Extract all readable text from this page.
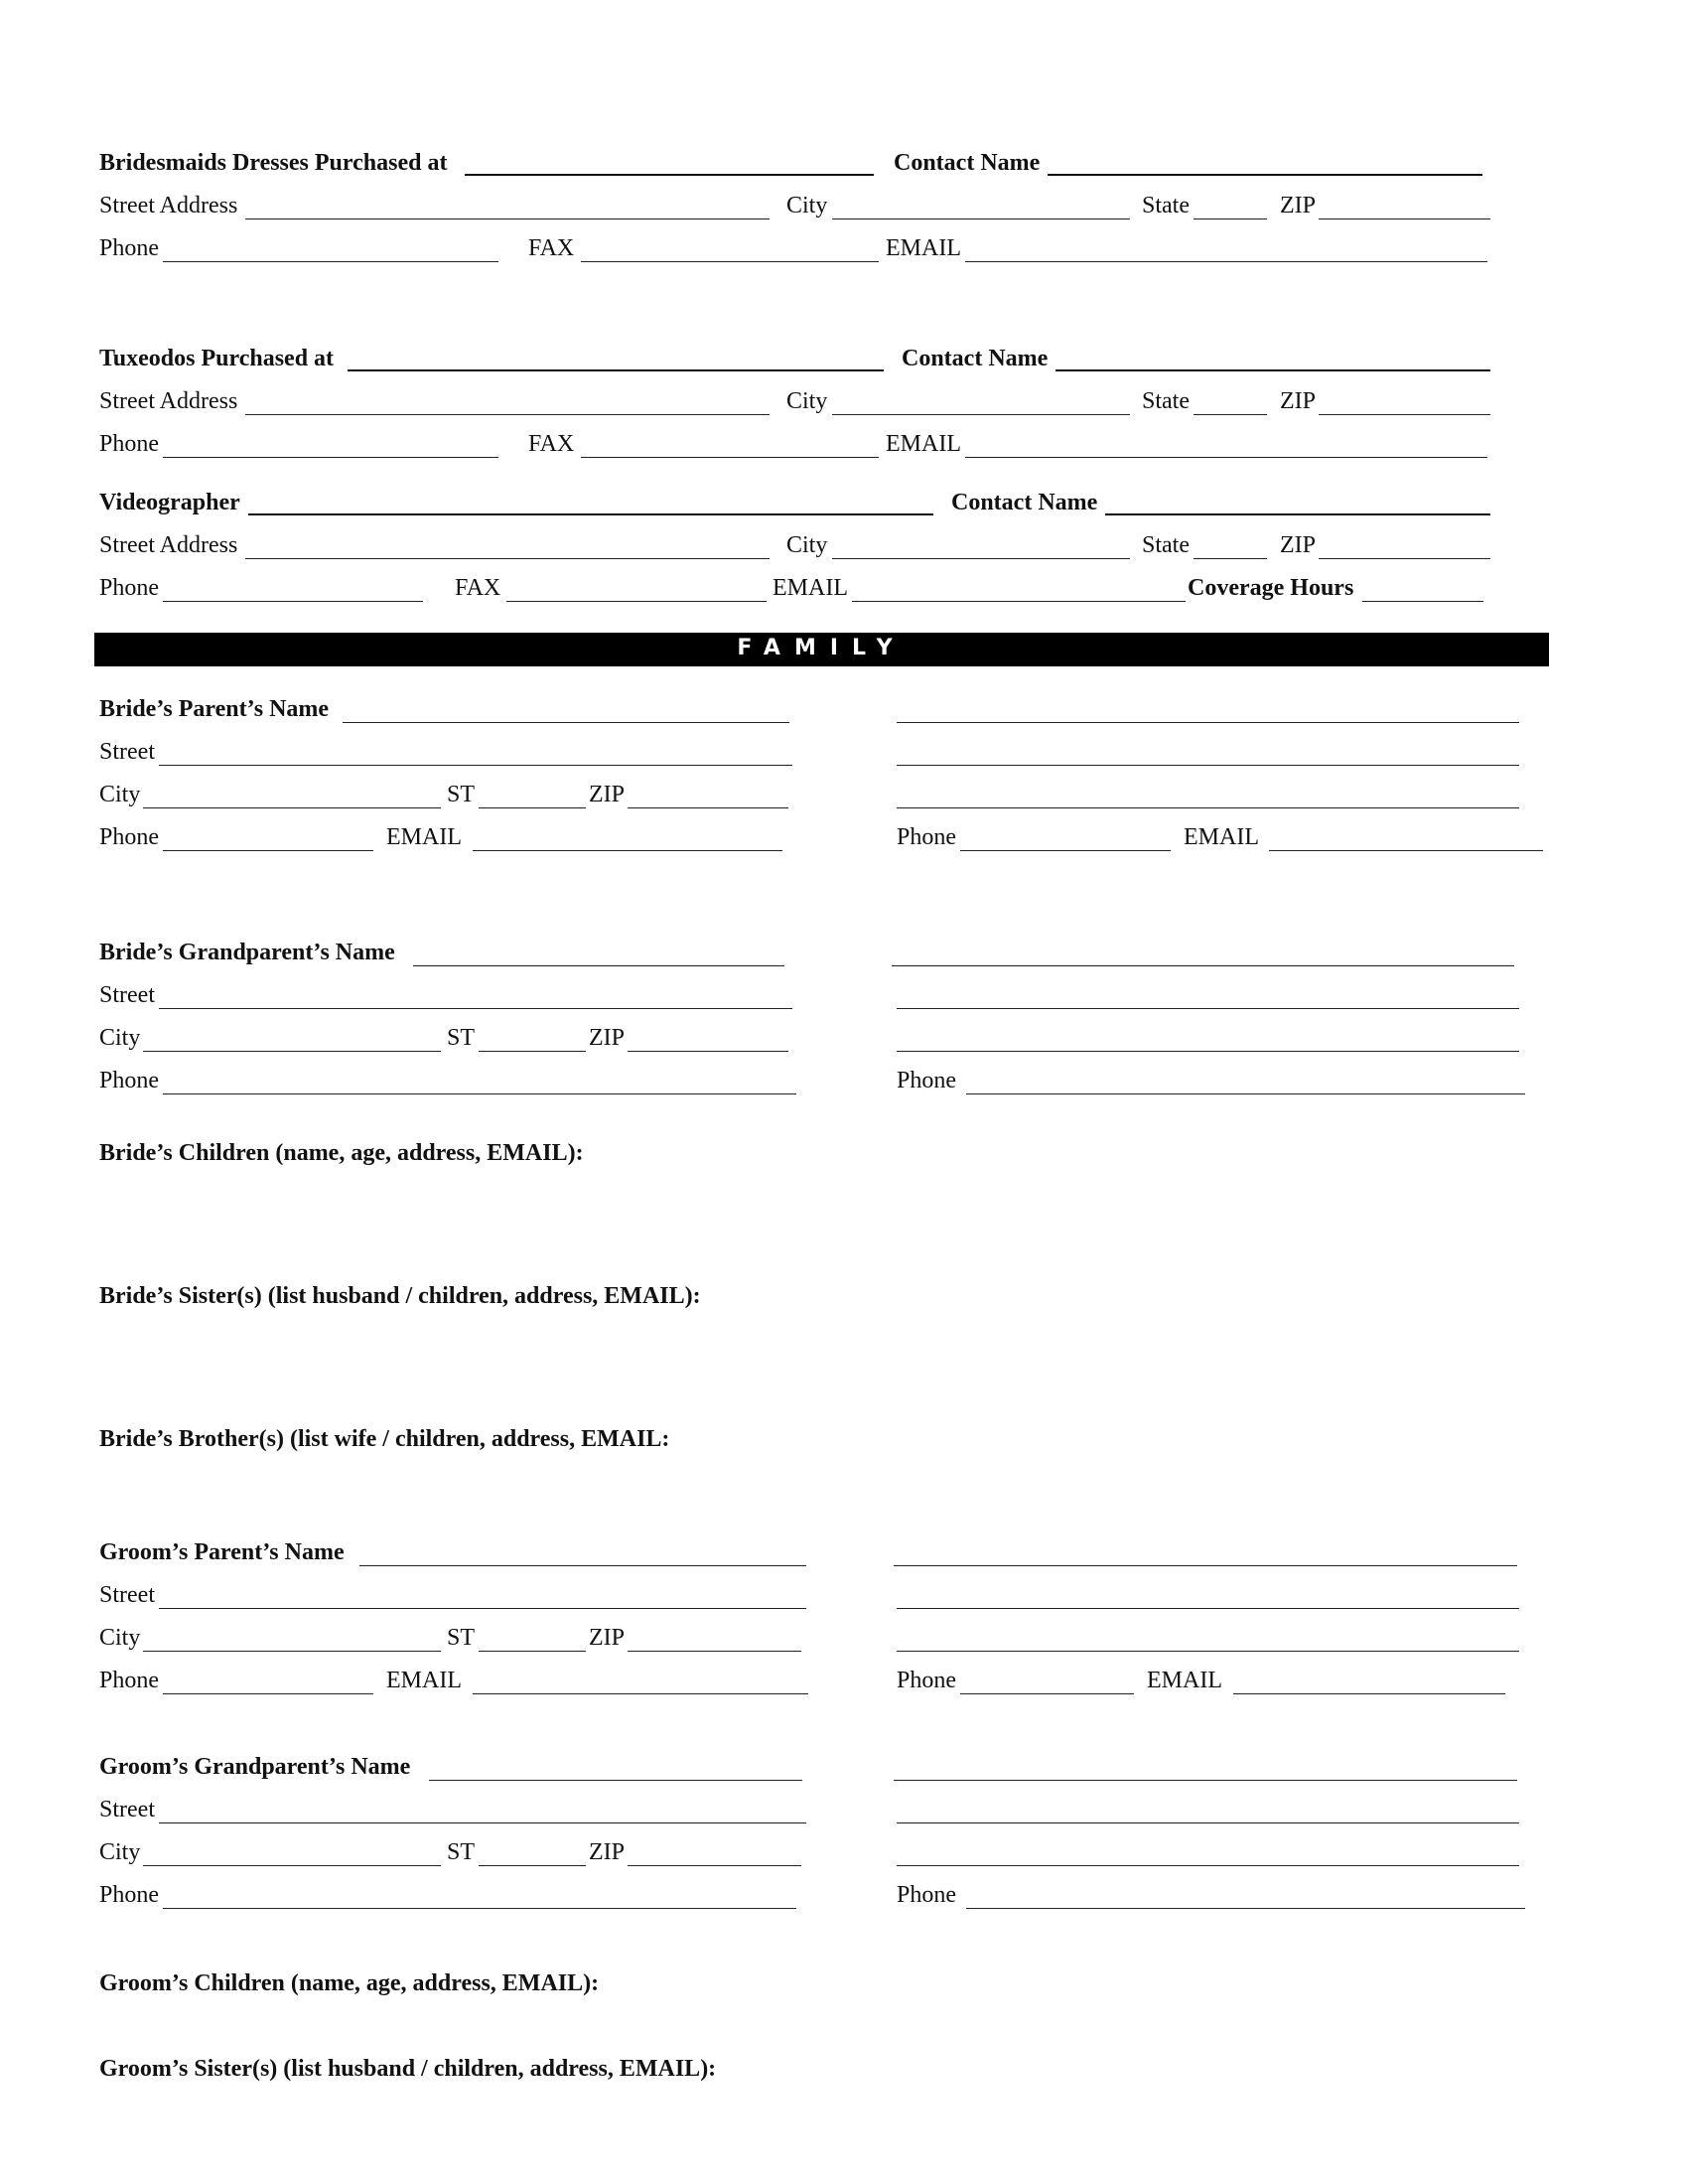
Bridesmaids Dresses Purchased at	Contact Name
Street Address	City	State	ZIP
Phone	FAX	EMAIL
Tuxeodos Purchased at	Contact Name
Street Address	City	State	ZIP
Phone	FAX	EMAIL
Videographer	Contact Name
Street Address	City	State	ZIP
Phone	FAX	EMAIL	Coverage Hours
FAMILY
Bride’s Parent’s Name
Street
City	ST	ZIP
Phone	EMAIL	Phone	EMAIL
Bride’s Grandparent’s Name
Street
City	ST	ZIP
Phone	Phone
Bride’s Children (name, age, address, EMAIL):
Bride’s Sister(s) (list husband / children, address, EMAIL):
Bride’s Brother(s) (list wife / children, address, EMAIL:
Groom’s Parent’s Name
Street
City	ST	ZIP
Phone	EMAIL	Phone	EMAIL
Groom’s Grandparent’s Name
Street
City	ST	ZIP
Phone	Phone
Groom’s Children (name, age, address, EMAIL):
Groom’s Sister(s) (list husband / children, address, EMAIL):
